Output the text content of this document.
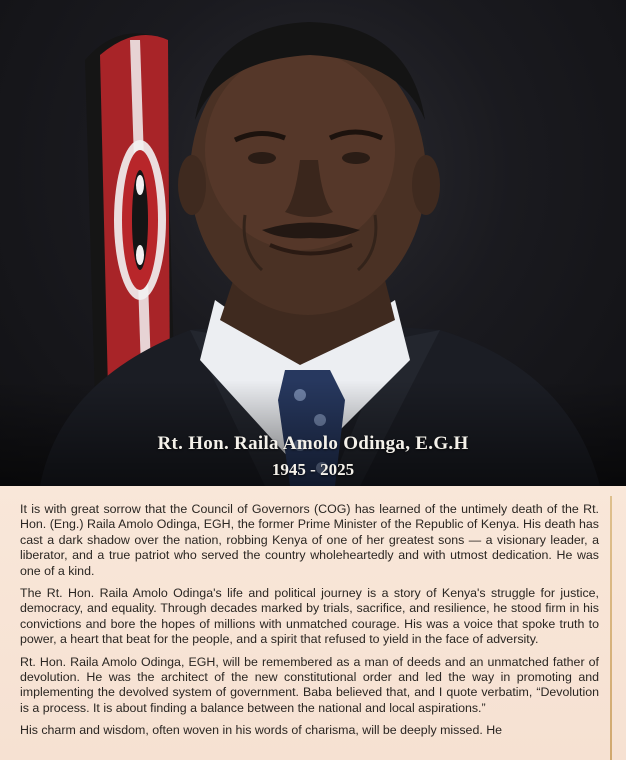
Rt. Hon. Raila Amolo Odinga, E.G.H
1945 - 2025

It is with great sorrow that the Council of Governors (COG) has learned of the untimely death of the Rt. Hon. (Eng.) Raila Amolo Odinga, EGH, the former Prime Minister of the Republic of Kenya. His death has cast a dark shadow over the nation, robbing Kenya of one of her greatest sons — a visionary leader, a liberator, and a true patriot who served the country wholeheartedly and with utmost dedication. He was one of a kind.

The Rt. Hon. Raila Amolo Odinga's life and political journey is a story of Kenya's struggle for justice, democracy, and equality. Through decades marked by trials, sacrifice, and resilience, he stood firm in his convictions and bore the hopes of millions with unmatched courage. His was a voice that spoke truth to power, a heart that beat for the people, and a spirit that refused to yield in the face of adversity.

Rt. Hon. Raila Amolo Odinga, EGH, will be remembered as a man of deeds and an unmatched father of devolution. He was the architect of the new constitutional order and led the way in promoting and implementing the devolved system of government. Baba believed that, and I quote verbatim, “Devolution is a process. It is about finding a balance between the national and local aspirations.”

His charm and wisdom, often woven in his words of charisma, will be deeply missed. He
